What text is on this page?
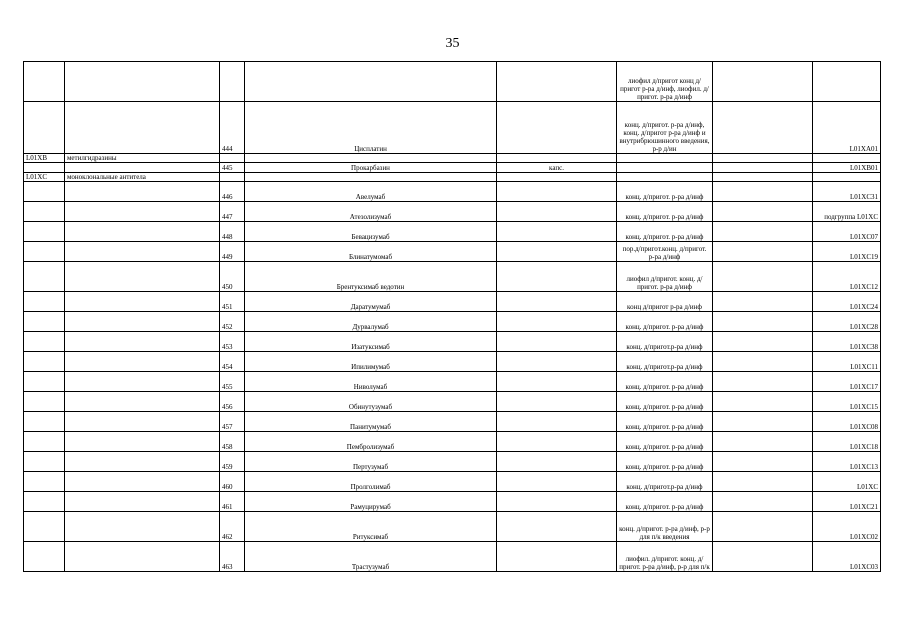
35
					лиофил д/пригот конц д/пригот р-ра д/инф, лиофил. д/пригот. р-ра д/инф		
		444	Цисплатин		конц. д/пригот. р-ра д/инф, конц. д/пригот р-ра д/инф и внутрибрюшинного введения, р-р д/ин		L01XA01
L01XB	метилгидразины						
		445	Прокарбазин	капс.			L01XB01
L01XC	моноклональные антитела						
		446	Авелумаб		конц. д/пригот. р-ра д/инф		L01XC31
		447	Атезолизумаб		конц. д/пригот. р-ра д/инф		подгруппа L01XC
		448	Бевацизумаб		конц. д/пригот. р-ра д/инф		L01XC07
		449	Блинатумомаб		пор.д/пригот.конц. д/пригот. р-ра д/инф		L01XC19
		450	Брентуксимаб ведотин		лиофил д/пригот. конц. д/пригот. р-ра д/инф		L01XC12
		451	Даратумумаб		конц д/пригот р-ра д/инф		L01XC24
		452	Дурвалумаб		конц. д/пригот. р-ра д/инф		L01XC28
		453	Изатуксимаб		конц. д/пригот.р-ра д/инф		L01XC38
		454	Ипилимумаб		конц. д/пригот.р-ра д/инф		L01XC11
		455	Ниволумаб		конц. д/пригот. р-ра д/инф		L01XC17
		456	Обинутузумаб		конц. д/пригот. р-ра д/инф		L01XC15
		457	Панитумумаб		конц. д/пригот. р-ра д/инф		L01XC08
		458	Пембролизумаб		конц. д/пригот. р-ра д/инф		L01XC18
		459	Пертузумаб		конц. д/пригот. р-ра д/инф		L01XC13
		460	Пролголимаб		конц. д/пригот.р-ра д/инф		L01XC
		461	Рамуцирумаб		конц. д/пригот. р-ра д/инф		L01XC21
		462	Ритуксимаб		конц. д/пригот. р-ра д/инф, р-р для п/к введения		L01XC02
		463	Трастузумаб		лиофил. д/пригот. конц. д/пригот. р-ра д/инф, р-р для п/к		L01XC03
